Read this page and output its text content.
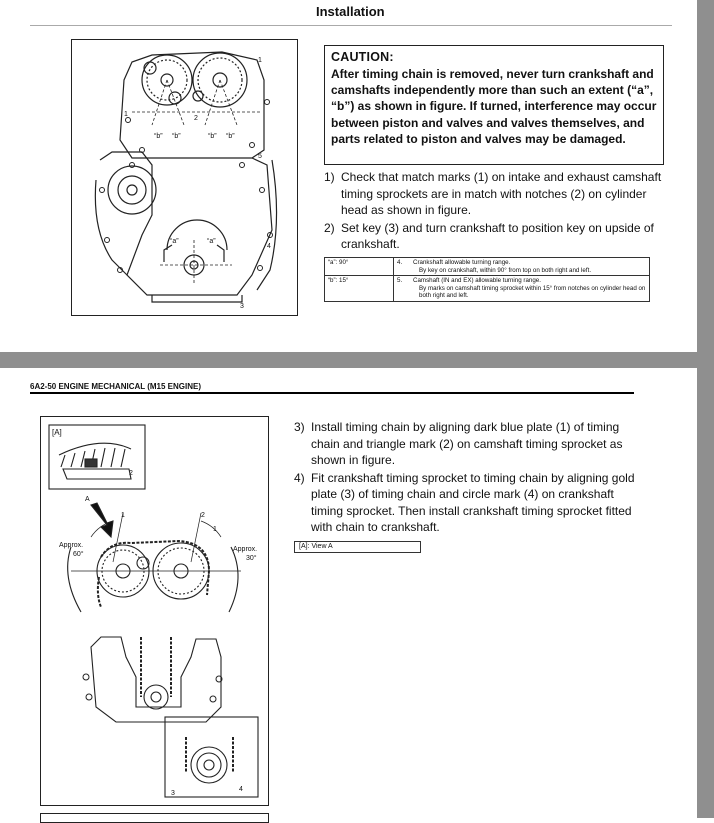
Installation
1
1
2
5
4
3
“b” “b”	“b” “b”
“a”	“a”
CAUTION:
After timing chain is removed, never turn crankshaft and camshafts independently more than such an extent (“a”, “b”) as shown in figure. If turned, interference may occur between piston and valves and valves themselves, and parts related to piston and valves may be damaged.
1) Check that match marks (1) on intake and exhaust camshaft timing sprockets are in match with notches (2) on cylinder head as shown in figure.
2) Set key (3) and turn crankshaft to position key on upside of crankshaft.
“a”: 90°	4.	Crankshaft allowable turning range.
By key on crankshaft, within 90° from top on both right and left.

“b”: 15°	5.	Camshaft (IN and EX) allowable turning range.
By marks on camshaft timing sprocket within 15° from notches on cylinder head on both right and left.
6A2-50 ENGINE MECHANICAL (M15 ENGINE)
[A]
2
A
1	2
1
Approx.
60°
Approx.
30°
3
4
3) Install timing chain by aligning dark blue plate (1) of timing chain and triangle mark (2) on camshaft timing sprocket as shown in figure.
4) Fit crankshaft timing sprocket to timing chain by aligning gold plate (3) of timing chain and circle mark (4) on crankshaft timing sprocket. Then install crankshaft timing sprocket fitted with chain to crankshaft.
[A]: View A
